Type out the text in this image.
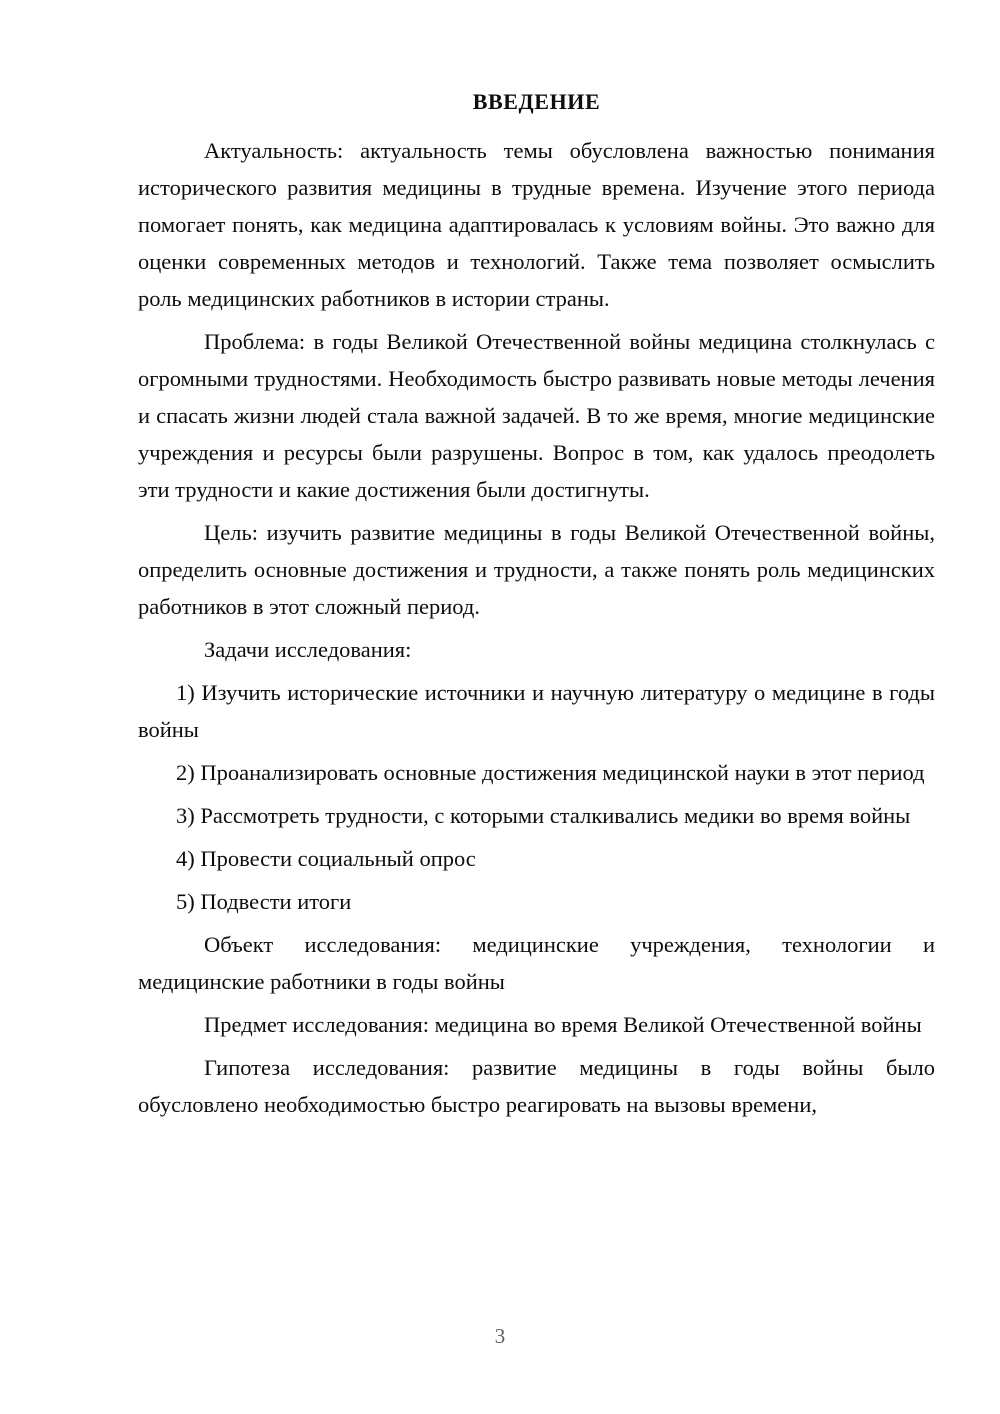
ВВЕДЕНИЕ

Актуальность: актуальность темы обусловлена важностью понимания исторического развития медицины в трудные времена. Изучение этого периода помогает понять, как медицина адаптировалась к условиям войны. Это важно для оценки современных методов и технологий. Также тема позволяет осмыслить роль медицинских работников в истории страны.

Проблема: в годы Великой Отечественной войны медицина столкнулась с огромными трудностями. Необходимость быстро развивать новые методы лечения и спасать жизни людей стала важной задачей. В то же время, многие медицинские учреждения и ресурсы были разрушены. Вопрос в том, как удалось преодолеть эти трудности и какие достижения были достигнуты.

Цель: изучить развитие медицины в годы Великой Отечественной войны, определить основные достижения и трудности, а также понять роль медицинских работников в этот сложный период.

Задачи исследования:

1) Изучить исторические источники и научную литературу о медицине в годы войны
2) Проанализировать основные достижения медицинской науки в этот период
3) Рассмотреть трудности, с которыми сталкивались медики во время войны
4) Провести социальный опрос
5) Подвести итоги

Объект исследования: медицинские учреждения, технологии и медицинские работники в годы войны

Предмет исследования: медицина во время Великой Отечественной войны

Гипотеза исследования: развитие медицины в годы войны было обусловлено необходимостью быстро реагировать на вызовы времени,

3
